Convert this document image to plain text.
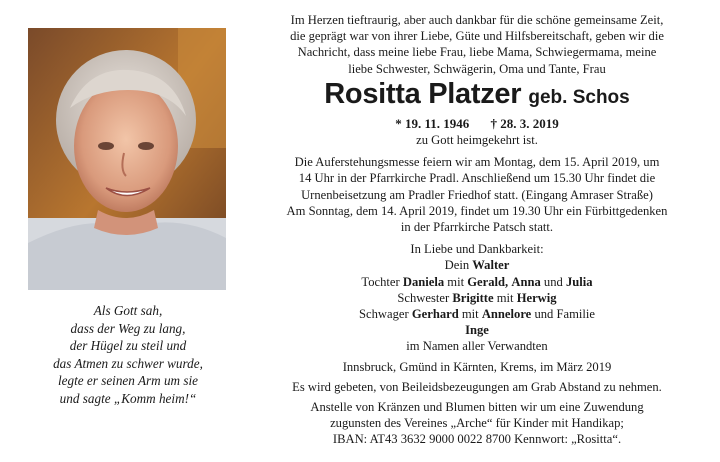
Als Gott sah,
dass der Weg zu lang,
der Hügel zu steil und
das Atmen zu schwer wurde,
legte er seinen Arm um sie
und sagte „Komm heim!“

Im Herzen tieftraurig, aber auch dankbar für die schöne gemeinsame Zeit,

die geprägt war von ihrer Liebe, Güte und Hilfsbereitschaft, geben wir die

Nachricht, dass meine liebe Frau, liebe Mama, Schwiegermama, meine

liebe Schwester, Schwägerin, Oma und Tante, Frau

Rositta Platzer geb. Schos

* 19. 11. 1946 † 28. 3. 2019

zu Gott heimgekehrt ist.

Die Auferstehungsmesse feiern wir am Montag, dem 15. April 2019, um

14 Uhr in der Pfarrkirche Pradl. Anschließend um 15.30 Uhr findet die

Urnenbeisetzung am Pradler Friedhof statt. (Eingang Amraser Straße)

Am Sonntag, dem 14. April 2019, findet um 19.30 Uhr ein Fürbittgedenken

in der Pfarrkirche Patsch statt.

In Liebe und Dankbarkeit:

Dein Walter

Tochter Daniela mit Gerald, Anna und Julia

Schwester Brigitte mit Herwig

Schwager Gerhard mit Annelore und Familie

Inge

im Namen aller Verwandten

Innsbruck, Gmünd in Kärnten, Krems, im März 2019

Es wird gebeten, von Beileidsbezeugungen am Grab Abstand zu nehmen.

Anstelle von Kränzen und Blumen bitten wir um eine Zuwendung

zugunsten des Vereines „Arche“ für Kinder mit Handikap;

IBAN: AT43 3632 9000 0022 8700 Kennwort: „Rositta“.
